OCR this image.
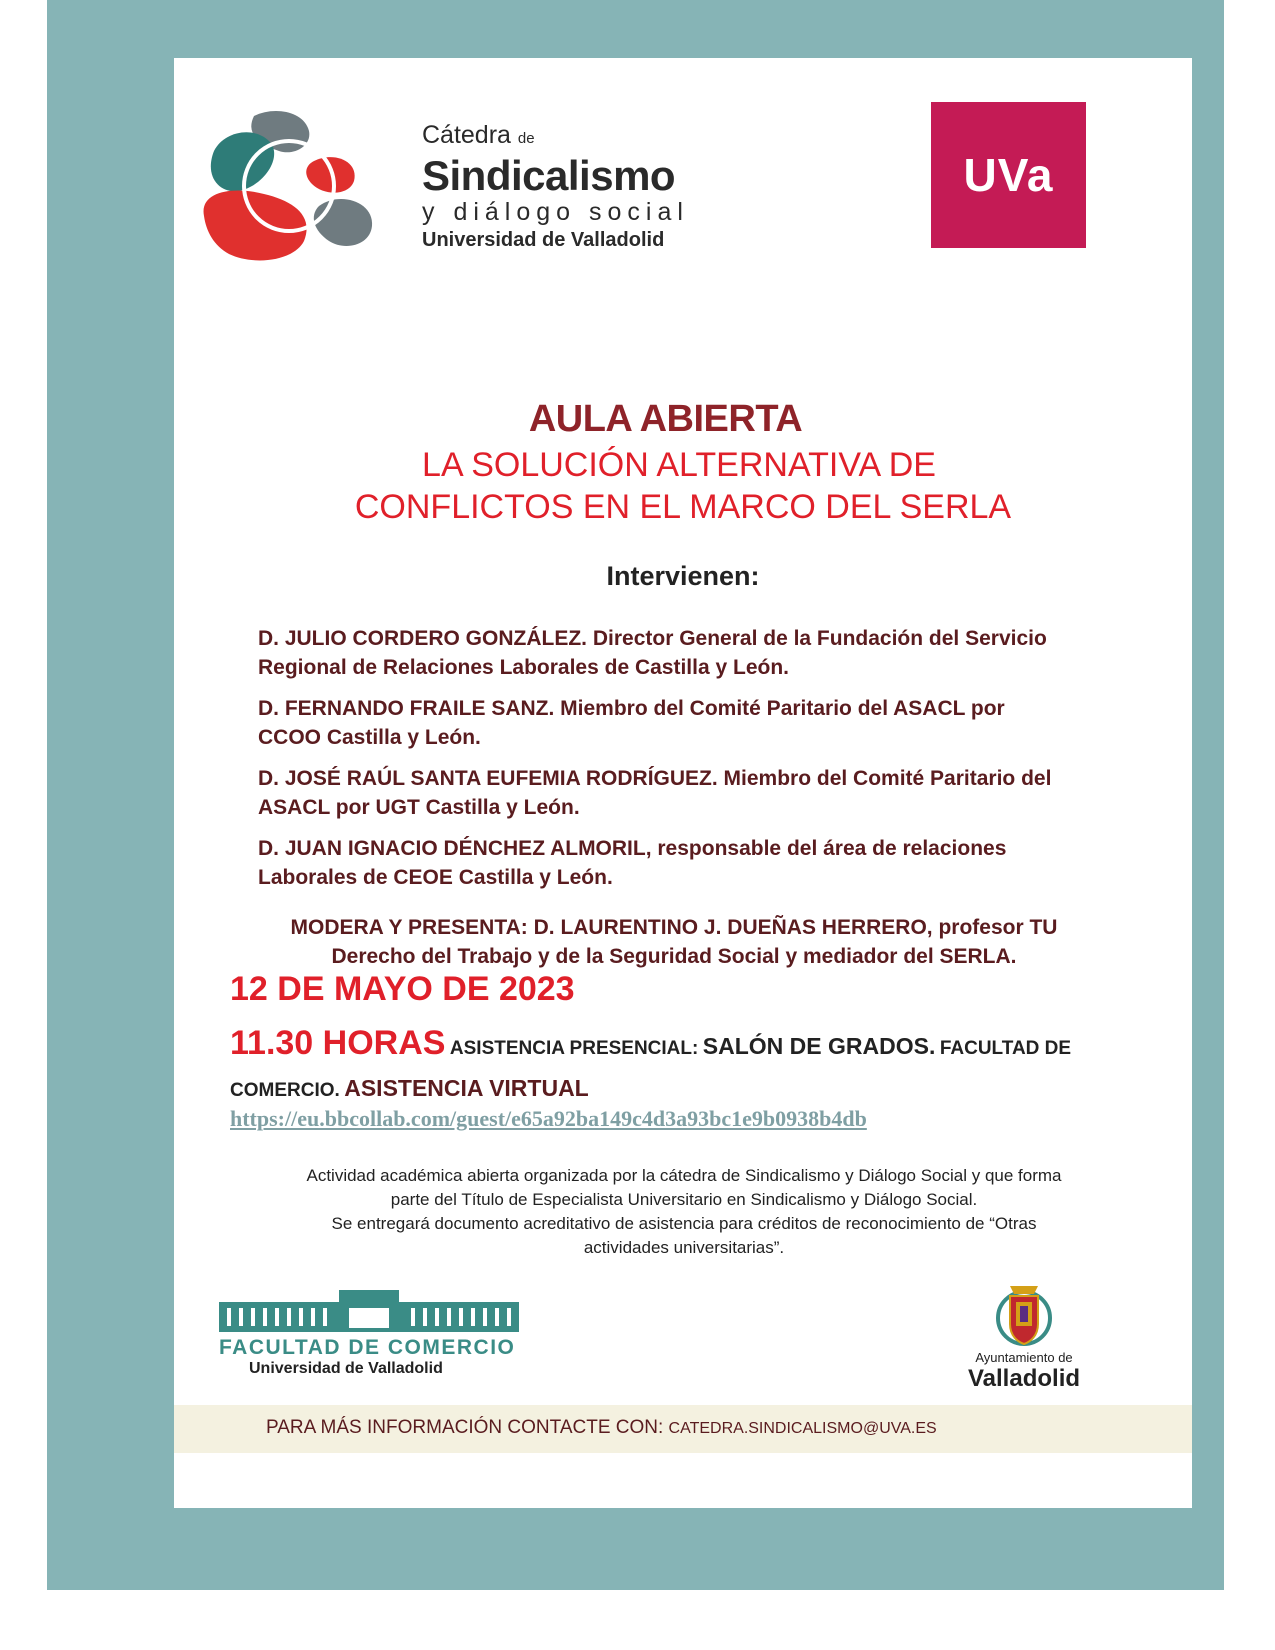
Cátedra de
Sindicalismo
y diálogo social
Universidad de Valladolid
UVa
AULA ABIERTA
LA SOLUCIÓN ALTERNATIVA DE
CONFLICTOS EN EL MARCO DEL SERLA
Intervienen:
D. JULIO CORDERO GONZÁLEZ. Director General de la Fundación del Servicio
Regional de Relaciones Laborales de Castilla y León.
D. FERNANDO FRAILE SANZ. Miembro del Comité Paritario del ASACL por
CCOO Castilla y León.
D. JOSÉ RAÚL SANTA EUFEMIA RODRÍGUEZ. Miembro del Comité Paritario del
ASACL por UGT Castilla y León.
D. JUAN IGNACIO DÉNCHEZ ALMORIL, responsable del área de relaciones
Laborales de CEOE Castilla y León.
MODERA Y PRESENTA: D. LAURENTINO J. DUEÑAS HERRERO, profesor TU
Derecho del Trabajo y de la Seguridad Social y mediador del SERLA.
12 DE MAYO DE 2023
11.30 HORAS ASISTENCIA PRESENCIAL: SALÓN DE GRADOS. FACULTAD DE
COMERCIO. ASISTENCIA VIRTUAL
https://eu.bbcollab.com/guest/e65a92ba149c4d3a93bc1e9b0938b4db
Actividad académica abierta organizada por la cátedra de Sindicalismo y Diálogo Social y que forma
parte del Título de Especialista Universitario en Sindicalismo y Diálogo Social.
Se entregará documento acreditativo de asistencia para créditos de reconocimiento de “Otras
actividades universitarias”.
FACULTAD DE COMERCIO
Universidad de Valladolid
Ayuntamiento de
Valladolid
PARA MÁS INFORMACIÓN CONTACTE CON: CATEDRA.SINDICALISMO@UVA.ES
